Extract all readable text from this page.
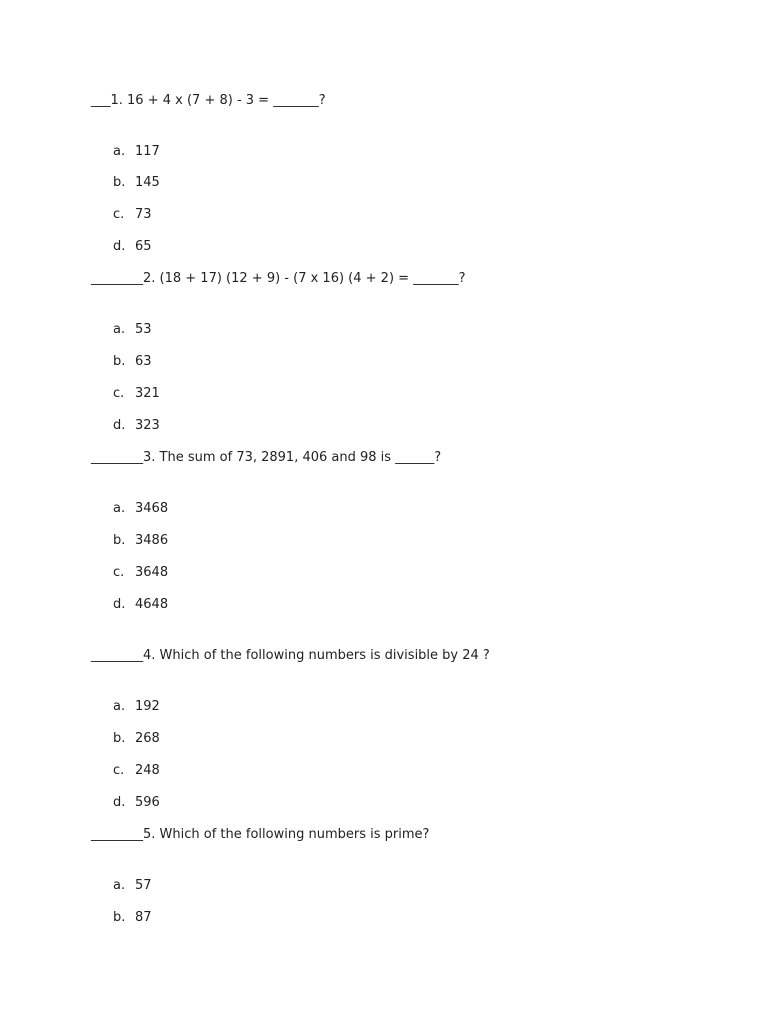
___1. 16 + 4 x (7 + 8) - 3 = _______?
a. 117
b. 145
c. 73
d. 65
________2. (18 + 17) (12 + 9) - (7 x 16) (4 + 2) = _______?
a. 53
b. 63
c. 321
d. 323
________3. The sum of 73, 2891, 406 and 98 is ______?
a. 3468
b. 3486
c. 3648
d. 4648
________4. Which of the following numbers is divisible by 24 ?
a. 192
b. 268
c. 248
d. 596
________5. Which of the following numbers is prime?
a. 57
b. 87
